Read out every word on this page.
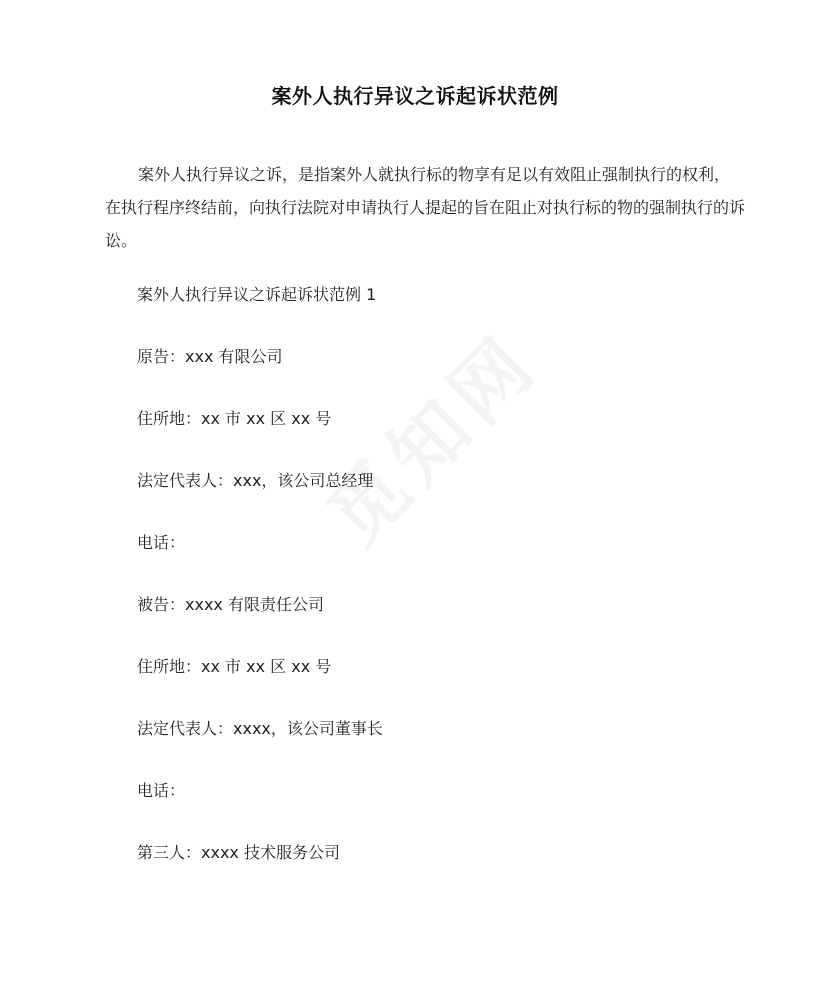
觅知网
案外人执行异议之诉起诉状范例

案外人执行异议之诉，是指案外人就执行标的物享有足以有效阻止强制执行的权利，在执行程序终结前，向执行法院对申请执行人提起的旨在阻止对执行标的物的强制执行的诉讼。

案外人执行异议之诉起诉状范例 1

原告：xxx 有限公司

住所地：xx 市 xx 区 xx 号

法定代表人：xxx，该公司总经理

电话：

被告：xxxx 有限责任公司

住所地：xx 市 xx 区 xx 号

法定代表人：xxxx，该公司董事长

电话：

第三人：xxxx 技术服务公司
